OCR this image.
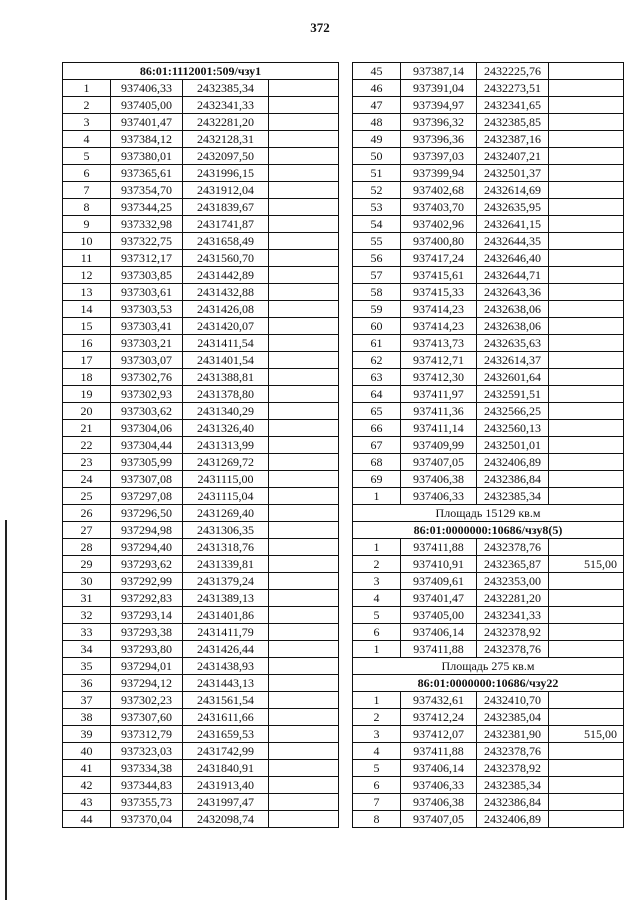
372
86:01:1112001:509/чзу1			
1	937406,33	2432385,34	
2	937405,00	2432341,33	
3	937401,47	2432281,20	
4	937384,12	2432128,31	
5	937380,01	2432097,50	
6	937365,61	2431996,15	
7	937354,70	2431912,04	
8	937344,25	2431839,67	
9	937332,98	2431741,87	
10	937322,75	2431658,49	
11	937312,17	2431560,70	
12	937303,85	2431442,89	
13	937303,61	2431432,88	
14	937303,53	2431426,08	
15	937303,41	2431420,07	
16	937303,21	2431411,54	
17	937303,07	2431401,54	
18	937302,76	2431388,81	
19	937302,93	2431378,80	
20	937303,62	2431340,29	
21	937304,06	2431326,40	
22	937304,44	2431313,99	
23	937305,99	2431269,72	
24	937307,08	2431115,00	
25	937297,08	2431115,04	
26	937296,50	2431269,40	
27	937294,98	2431306,35	
28	937294,40	2431318,76	
29	937293,62	2431339,81	
30	937292,99	2431379,24	
31	937292,83	2431389,13	
32	937293,14	2431401,86	
33	937293,38	2431411,79	
34	937293,80	2431426,44	
35	937294,01	2431438,93	
36	937294,12	2431443,13	
37	937302,23	2431561,54	
38	937307,60	2431611,66	
39	937312,79	2431659,53	
40	937323,03	2431742,99	
41	937334,38	2431840,91	
42	937344,83	2431913,40	
43	937355,73	2431997,47	
44	937370,04	2432098,74	
45	937387,14	2432225,76	
46	937391,04	2432273,51	
47	937394,97	2432341,65	
48	937396,32	2432385,85	
49	937396,36	2432387,16	
50	937397,03	2432407,21	
51	937399,94	2432501,37	
52	937402,68	2432614,69	
53	937403,70	2432635,95	
54	937402,96	2432641,15	
55	937400,80	2432644,35	
56	937417,24	2432646,40	
57	937415,61	2432644,71	
58	937415,33	2432643,36	
59	937414,23	2432638,06	
60	937414,23	2432638,06	
61	937413,73	2432635,63	
62	937412,71	2432614,37	
63	937412,30	2432601,64	
64	937411,97	2432591,51	
65	937411,36	2432566,25	
66	937411,14	2432560,13	
67	937409,99	2432501,01	
68	937407,05	2432406,89	
69	937406,38	2432386,84	
1	937406,33	2432385,34	
Площадь 15129 кв.м			
86:01:0000000:10686/чзу8(5)			
1	937411,88	2432378,76	
2	937410,91	2432365,87	515,00
3	937409,61	2432353,00	
4	937401,47	2432281,20	
5	937405,00	2432341,33	
6	937406,14	2432378,92	
1	937411,88	2432378,76	
Площадь 275 кв.м			
86:01:0000000:10686/чзу22			
1	937432,61	2432410,70	
2	937412,24	2432385,04	
3	937412,07	2432381,90	515,00
4	937411,88	2432378,76	
5	937406,14	2432378,92	
6	937406,33	2432385,34	
7	937406,38	2432386,84	
8	937407,05	2432406,89	
